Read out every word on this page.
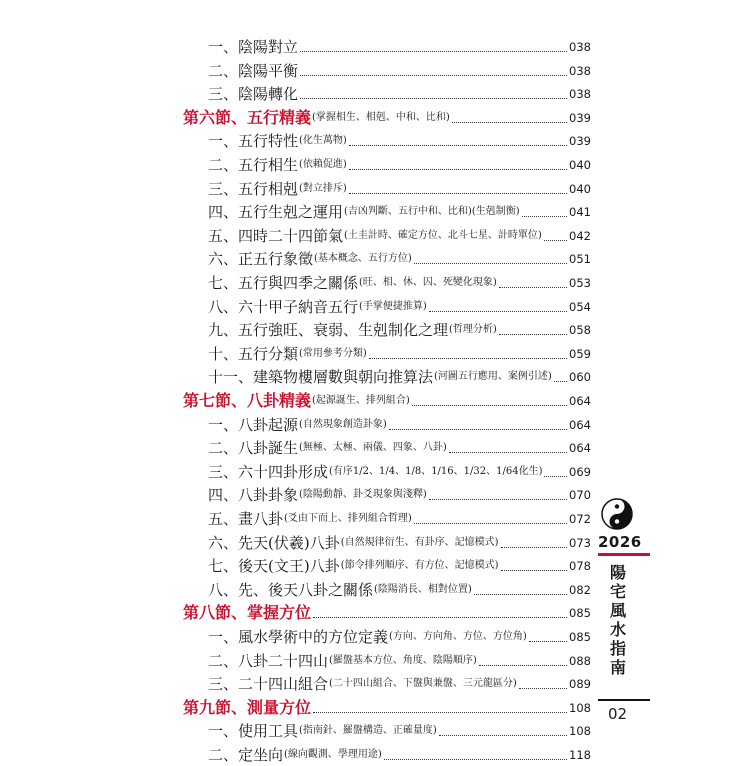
一、陰陽對立	038
二、陰陽平衡	038
三、陰陽轉化	038
第六節、五行精義 (掌握相生、相剋、中和、比和)	039
一、五行特性 (化生萬物)	039
二、五行相生 (依賴促進)	040
三、五行相剋 (對立排斥)	040
四、五行生剋之運用 (吉凶判斷、五行中和、比和)(生剋制衡)	041
五、四時二十四節氣 (土圭計時、確定方位、北斗七星、計時單位) 042
六、正五行象徵 (基本概念、五行方位)	051
七、五行與四季之關係 (旺、相、休、囚、死變化現象)	053
八、六十甲子納音五行 (手掌便捷推算)	054
九、五行強旺、衰弱、生剋制化之理 (哲理分析)	058
十、五行分類 (常用參考分類)	059
十一、建築物樓層數與朝向推算法 (河圖五行應用、案例引述) 060
第七節、八卦精義 (起源誕生、排列組合)	064
一、八卦起源 (自然現象創造卦象)	064
二、八卦誕生 (無極、太極、兩儀、四象、八卦)	064
三、六十四卦形成 (有序1/2、1/4、1/8、1/16、1/32、1/64化生) 069
四、八卦卦象 (陰陽動靜、卦爻現象與淺釋)	070
五、畫八卦 (爻由下而上、排列組合哲理)	072
六、先天(伏羲)八卦 (自然規律衍生、有卦序、記憶模式)	073
七、後天(文王)八卦 (節令排列順序、有方位、記憶模式)	078
八、先、後天八卦之關係 (陰陽消長、相對位置)	082
第八節、掌握方位	085
一、風水學術中的方位定義 (方向、方向角、方位、方位角)	085
二、八卦二十四山 (羅盤基本方位、角度、陰陽順序)	088
三、二十四山組合 (二十四山組合、下盤與兼盤、三元龍區分)	089
第九節、測量方位	108
一、使用工具 (指南針、羅盤構造、正確量度)	108
二、定坐向 (線向觀測、學理用途)	118
2026
陽
宅
風
水
指
南
02
